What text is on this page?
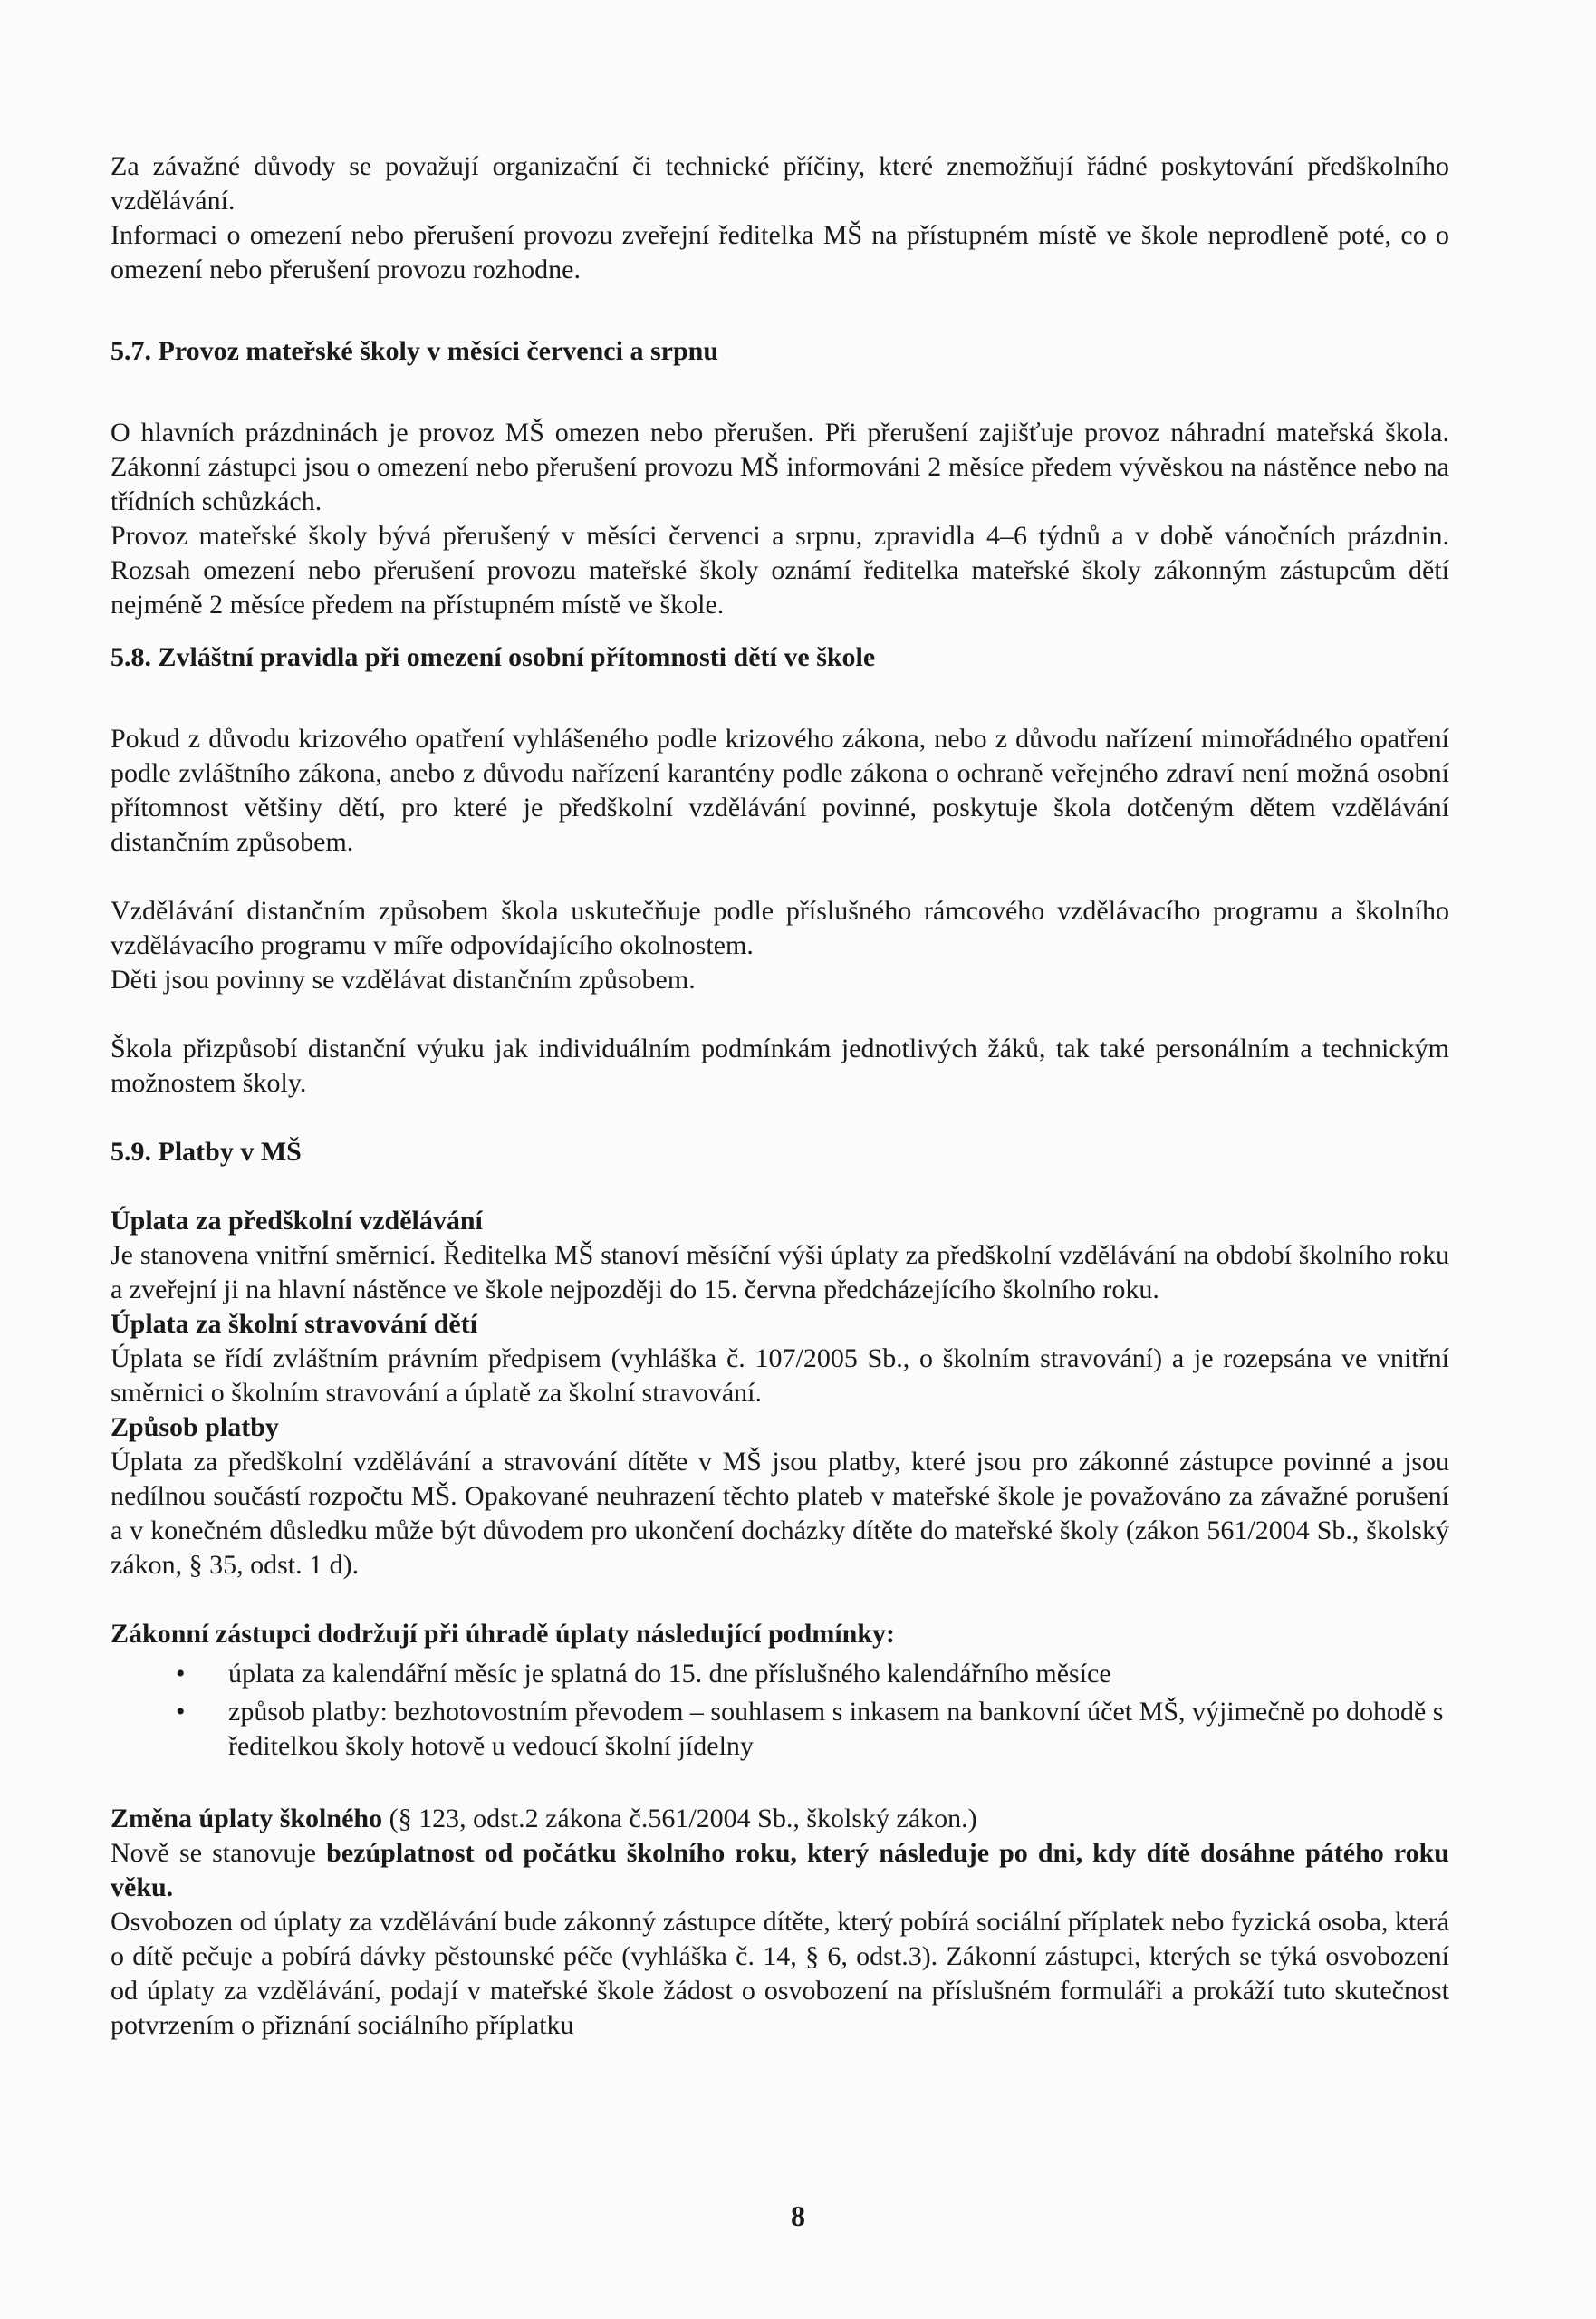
Za závažné důvody se považují organizační či technické příčiny, které znemožňují řádné poskytování předškolního vzdělávání.

Informaci o omezení nebo přerušení provozu zveřejní ředitelka MŠ na přístupném místě ve škole neprodleně poté, co o omezení nebo přerušení provozu rozhodne.

5.7. Provoz mateřské školy v měsíci červenci a srpnu

O hlavních prázdninách je provoz MŠ omezen nebo přerušen. Při přerušení zajišťuje provoz náhradní mateřská škola. Zákonní zástupci jsou o omezení nebo přerušení provozu MŠ informováni 2 měsíce předem vývěskou na nástěnce nebo na třídních schůzkách.

Provoz mateřské školy bývá přerušený v měsíci červenci a srpnu, zpravidla 4–6 týdnů a v době vánočních prázdnin. Rozsah omezení nebo přerušení provozu mateřské školy oznámí ředitelka mateřské školy zákonným zástupcům dětí nejméně 2 měsíce předem na přístupném místě ve škole.

5.8. Zvláštní pravidla při omezení osobní přítomnosti dětí ve škole

Pokud z důvodu krizového opatření vyhlášeného podle krizového zákona, nebo z důvodu nařízení mimořádného opatření podle zvláštního zákona, anebo z důvodu nařízení karantény podle zákona o ochraně veřejného zdraví není možná osobní přítomnost většiny dětí, pro které je předškolní vzdělávání povinné, poskytuje škola dotčeným dětem vzdělávání distančním způsobem.

Vzdělávání distančním způsobem škola uskutečňuje podle příslušného rámcového vzdělávacího programu a školního vzdělávacího programu v míře odpovídajícího okolnostem.

Děti jsou povinny se vzdělávat distančním způsobem.

Škola přizpůsobí distanční výuku jak individuálním podmínkám jednotlivých žáků, tak také personálním a technickým možnostem školy.

5.9. Platby v MŠ

Úplata za předškolní vzdělávání

Je stanovena vnitřní směrnicí. Ředitelka MŠ stanoví měsíční výši úplaty za předškolní vzdělávání na období školního roku a zveřejní ji na hlavní nástěnce ve škole nejpozději do 15. června předcházejícího školního roku.

Úplata za školní stravování dětí

Úplata se řídí zvláštním právním předpisem (vyhláška č. 107/2005 Sb., o školním stravování) a je rozepsána ve vnitřní směrnici o školním stravování a úplatě za školní stravování.

Způsob platby

Úplata za předškolní vzdělávání a stravování dítěte v MŠ jsou platby, které jsou pro zákonné zástupce povinné a jsou nedílnou součástí rozpočtu MŠ. Opakované neuhrazení těchto plateb v mateřské škole je považováno za závažné porušení a v konečném důsledku může být důvodem pro ukončení docházky dítěte do mateřské školy (zákon 561/2004 Sb., školský zákon, § 35, odst. 1 d).

Zákonní zástupci dodržují při úhradě úplaty následující podmínky:

• úplata za kalendářní měsíc je splatná do 15. dne příslušného kalendářního měsíce
• způsob platby: bezhotovostním převodem – souhlasem s inkasem na bankovní účet MŠ, výjimečně po dohodě s ředitelkou školy hotově u vedoucí školní jídelny

Změna úplaty školného (§ 123, odst.2 zákona č.561/2004 Sb., školský zákon.)

Nově se stanovuje bezúplatnost od počátku školního roku, který následuje po dni, kdy dítě dosáhne pátého roku věku.

Osvobozen od úplaty za vzdělávání bude zákonný zástupce dítěte, který pobírá sociální příplatek nebo fyzická osoba, která o dítě pečuje a pobírá dávky pěstounské péče (vyhláška č. 14, § 6, odst.3). Zákonní zástupci, kterých se týká osvobození od úplaty za vzdělávání, podají v mateřské škole žádost o osvobození na příslušném formuláři a prokáží tuto skutečnost potvrzením o přiznání sociálního příplatku

8
